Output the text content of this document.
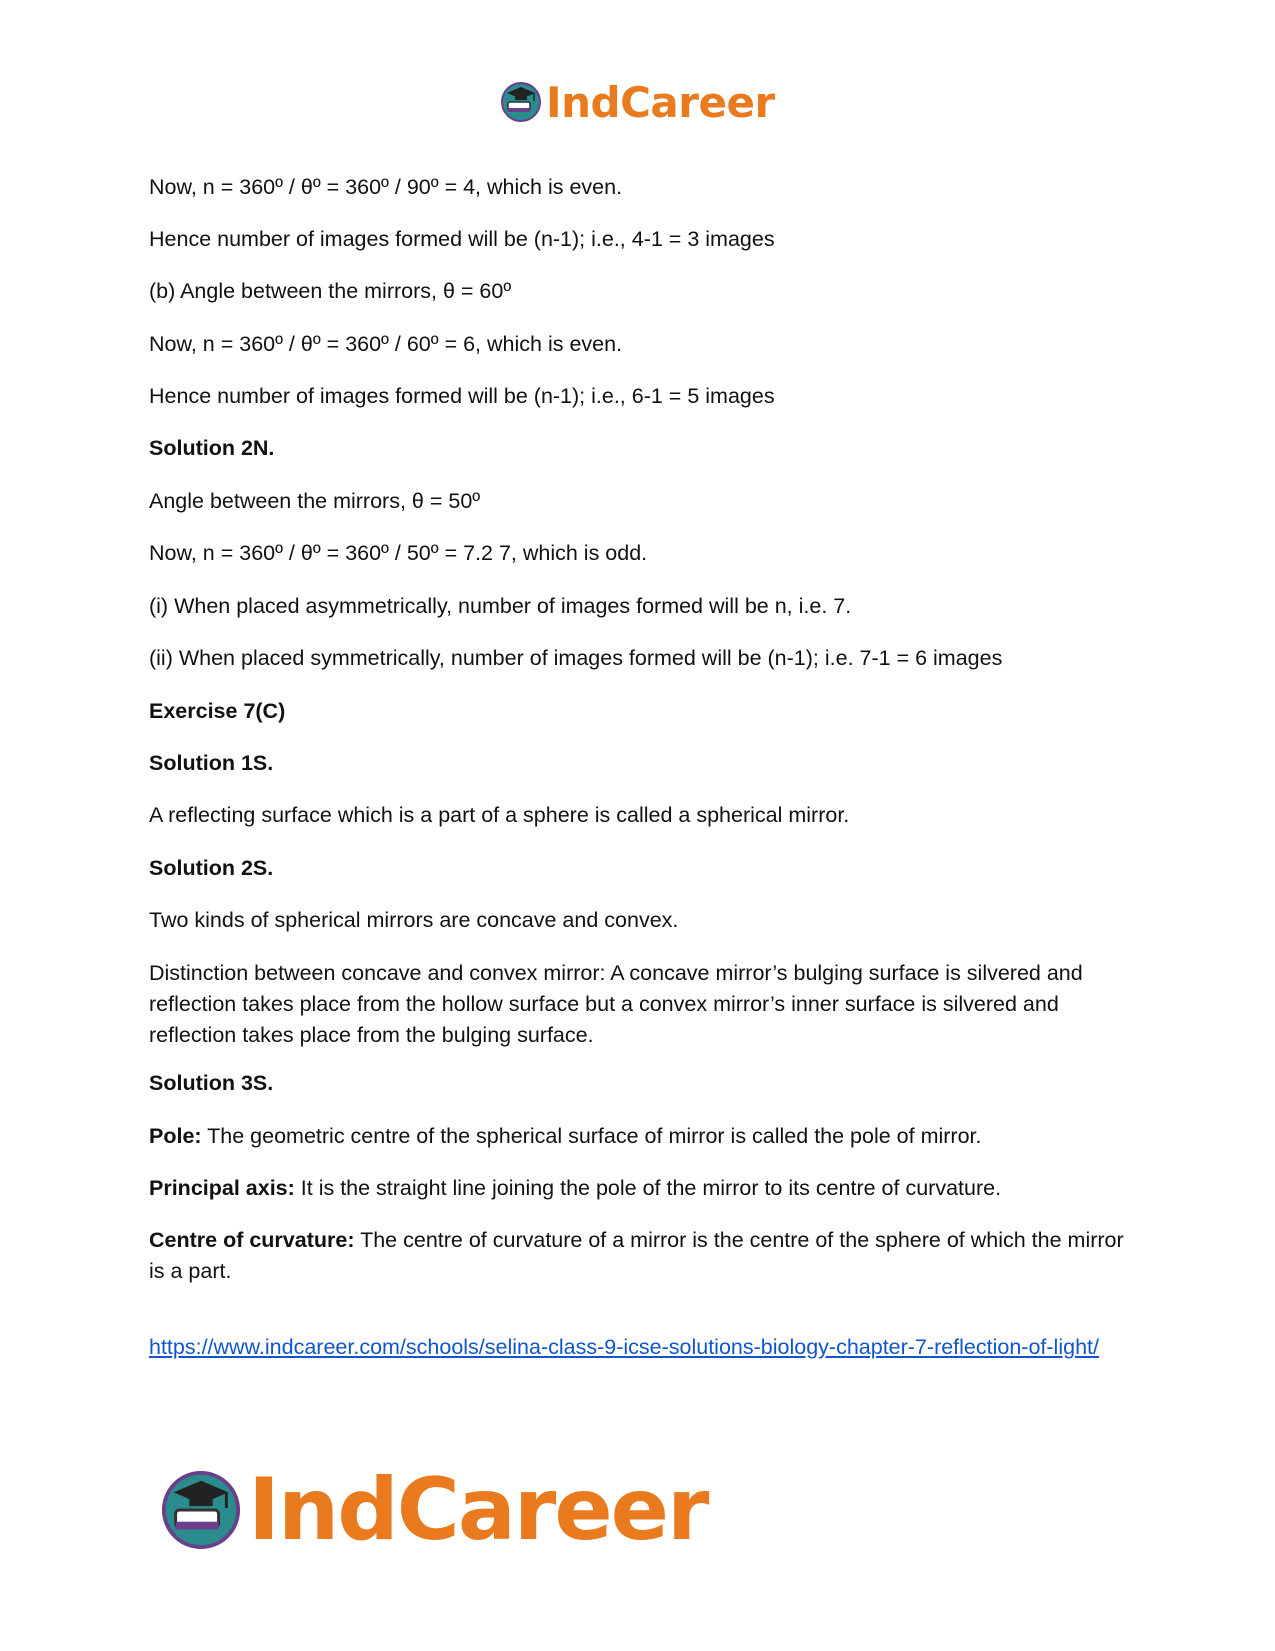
IndCareer

Now, n = 360º / θº = 360º / 90º = 4, which is even.

Hence number of images formed will be (n-1); i.e., 4-1 = 3 images

(b) Angle between the mirrors, θ = 60º

Now, n = 360º / θº = 360º / 60º = 6, which is even.

Hence number of images formed will be (n-1); i.e., 6-1 = 5 images

Solution 2N.

Angle between the mirrors, θ = 50º

Now, n = 360º / θº = 360º / 50º = 7.2 7, which is odd.

(i) When placed asymmetrically, number of images formed will be n, i.e. 7.

(ii) When placed symmetrically, number of images formed will be (n-1); i.e. 7-1 = 6 images

Exercise 7(C)

Solution 1S.

A reflecting surface which is a part of a sphere is called a spherical mirror.

Solution 2S.

Two kinds of spherical mirrors are concave and convex.

Distinction between concave and convex mirror: A concave mirror’s bulging surface is silvered and reflection takes place from the hollow surface but a convex mirror’s inner surface is silvered and reflection takes place from the bulging surface.

Solution 3S.

Pole: The geometric centre of the spherical surface of mirror is called the pole of mirror.

Principal axis: It is the straight line joining the pole of the mirror to its centre of curvature.

Centre of curvature: The centre of curvature of a mirror is the centre of the sphere of which the mirror is a part.

https://www.indcareer.com/schools/selina-class-9-icse-solutions-biology-chapter-7-reflection-of-light/

IndCareer
